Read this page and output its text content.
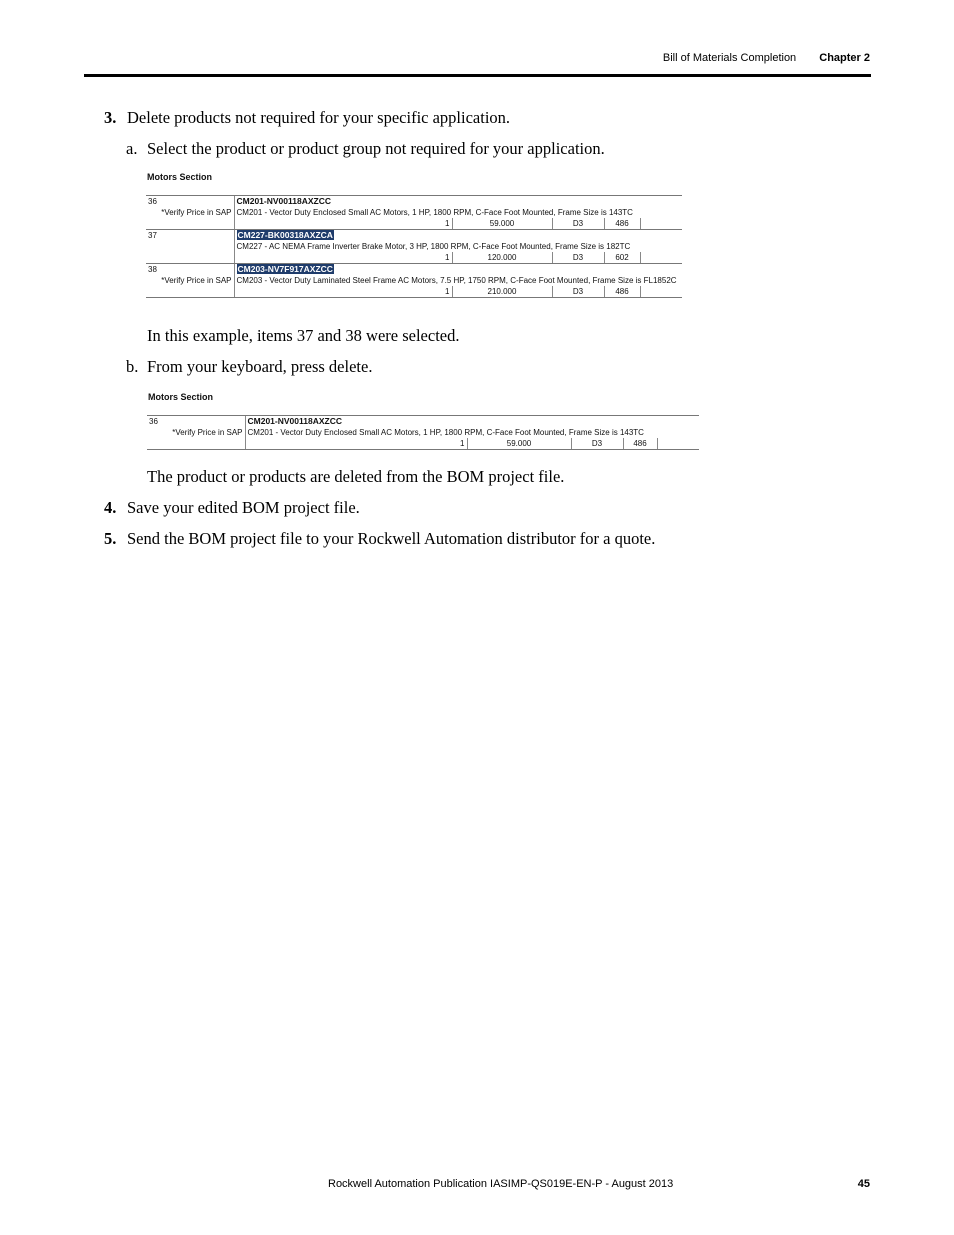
Bill of Materials Completion Chapter 2
3. Delete products not required for your specific application.
a. Select the product or product group not required for your application.
Motors Section
36	CM201-NV00118AXZCC				
*Verify Price in SAP	CM201 - Vector Duty Enclosed Small AC Motors, 1 HP, 1800 RPM, C-Face Foot Mounted, Frame Size is 143TC				
	1	59.000	D3	486	
37	CM227-BK00318AXZCA				
	CM227 - AC NEMA Frame Inverter Brake Motor, 3 HP, 1800 RPM, C-Face Foot Mounted, Frame Size is 182TC				
	1	120.000	D3	602	
38	CM203-NV7F917AXZCC				
*Verify Price in SAP	CM203 - Vector Duty Laminated Steel Frame AC Motors, 7.5 HP, 1750 RPM, C-Face Foot Mounted, Frame Size is FL1852C				
	1	210.000	D3	486	
In this example, items 37 and 38 were selected.
b. From your keyboard, press delete.
Motors Section
36	CM201-NV00118AXZCC				
*Verify Price in SAP	CM201 - Vector Duty Enclosed Small AC Motors, 1 HP, 1800 RPM, C-Face Foot Mounted, Frame Size is 143TC				
	1	59.000	D3	486	
The product or products are deleted from the BOM project file.
4. Save your edited BOM project file.
5. Send the BOM project file to your Rockwell Automation distributor for a quote.
Rockwell Automation Publication IASIMP-QS019E-EN-P - August 2013	45
